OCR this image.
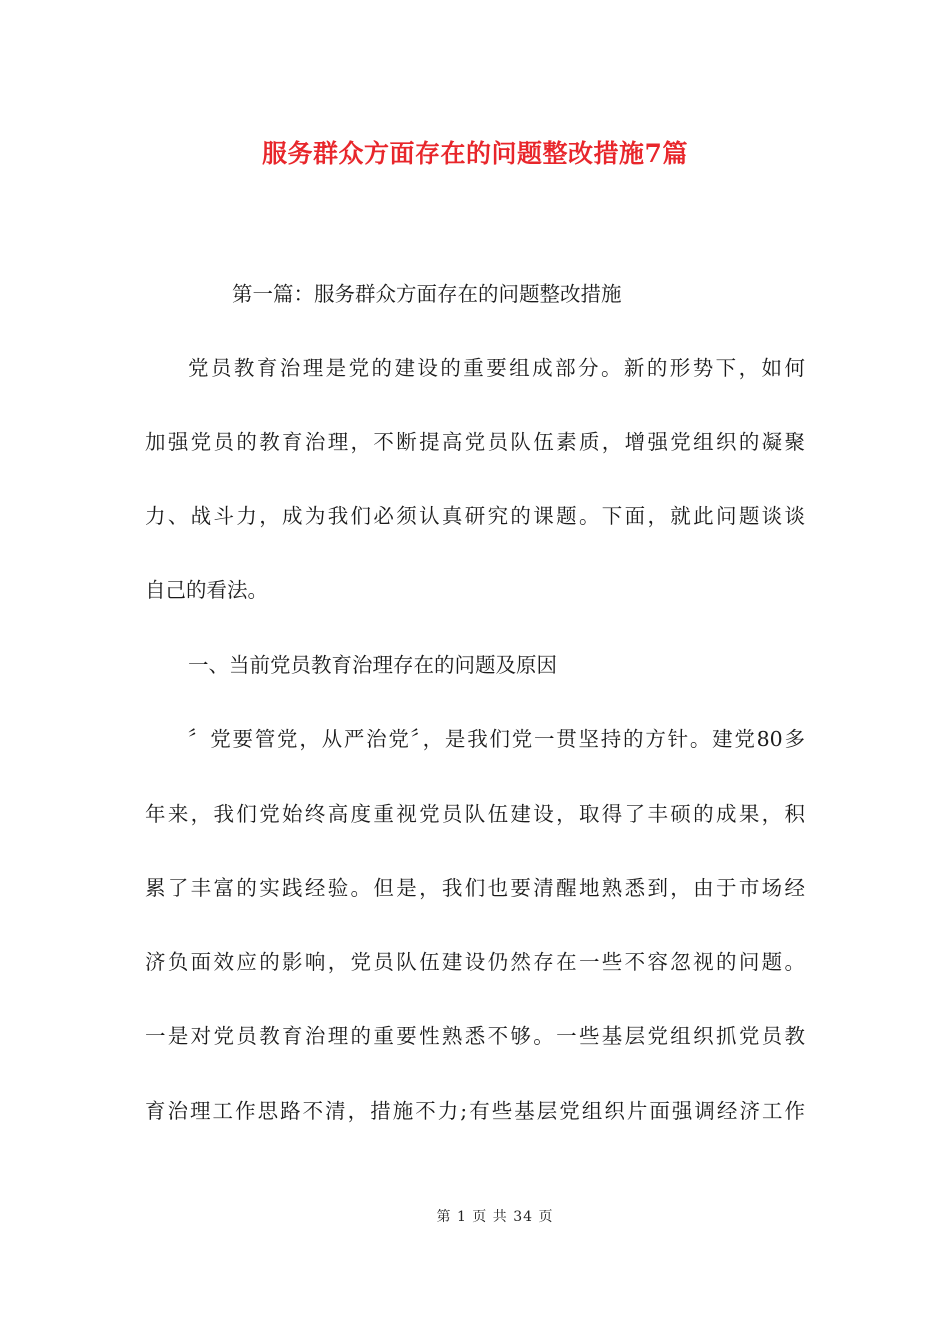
服务群众方面存在的问题整改措施7篇
第一篇：服务群众方面存在的问题整改措施
党员教育治理是党的建设的重要组成部分。新的形势下，如何
加强党员的教育治理，不断提高党员队伍素质，增强党组织的凝聚
力、战斗力，成为我们必须认真研究的课题。下面，就此问题谈谈
自己的看法。
一、当前党员教育治理存在的问题及原因
〞党要管党，从严治党〞，是我们党一贯坚持的方针。建党80多
年来，我们党始终高度重视党员队伍建设，取得了丰硕的成果，积
累了丰富的实践经验。但是，我们也要清醒地熟悉到，由于市场经
济负面效应的影响，党员队伍建设仍然存在一些不容忽视的问题。
一是对党员教育治理的重要性熟悉不够。一些基层党组织抓党员教
育治理工作思路不清，措施不力;有些基层党组织片面强调经济工作
第 1 页 共 34 页
